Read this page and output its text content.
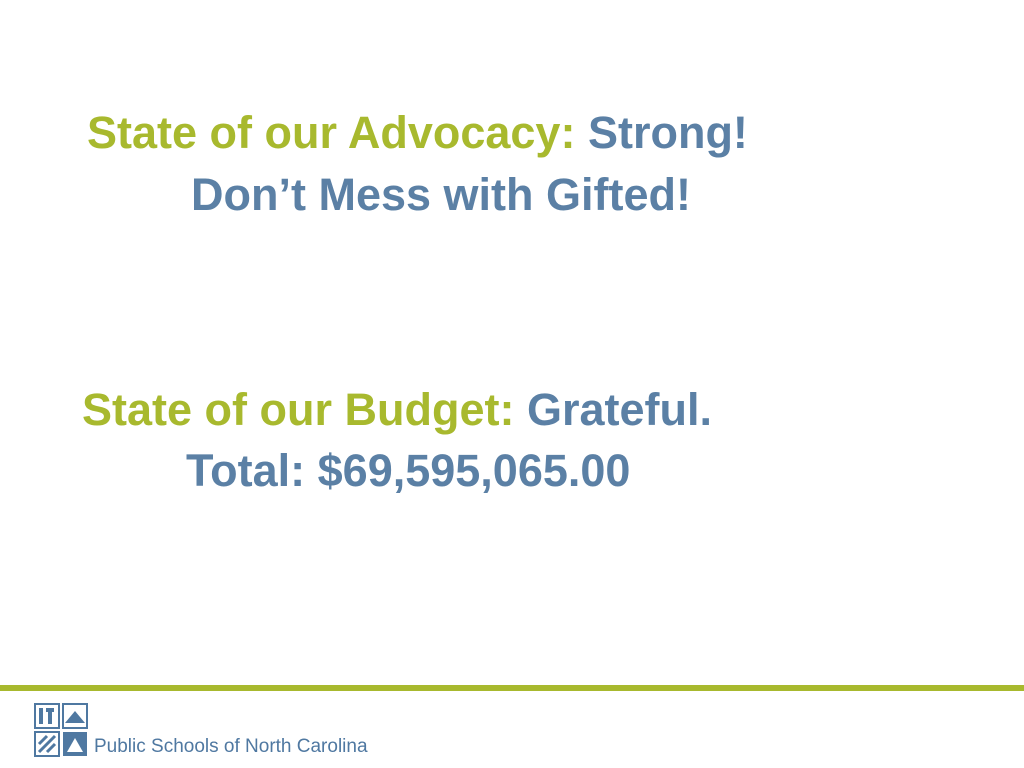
State of our Advocacy: Strong!
Don’t Mess with Gifted!
State of our Budget: Grateful.
Total: $69,595,065.00
Public Schools of North Carolina
